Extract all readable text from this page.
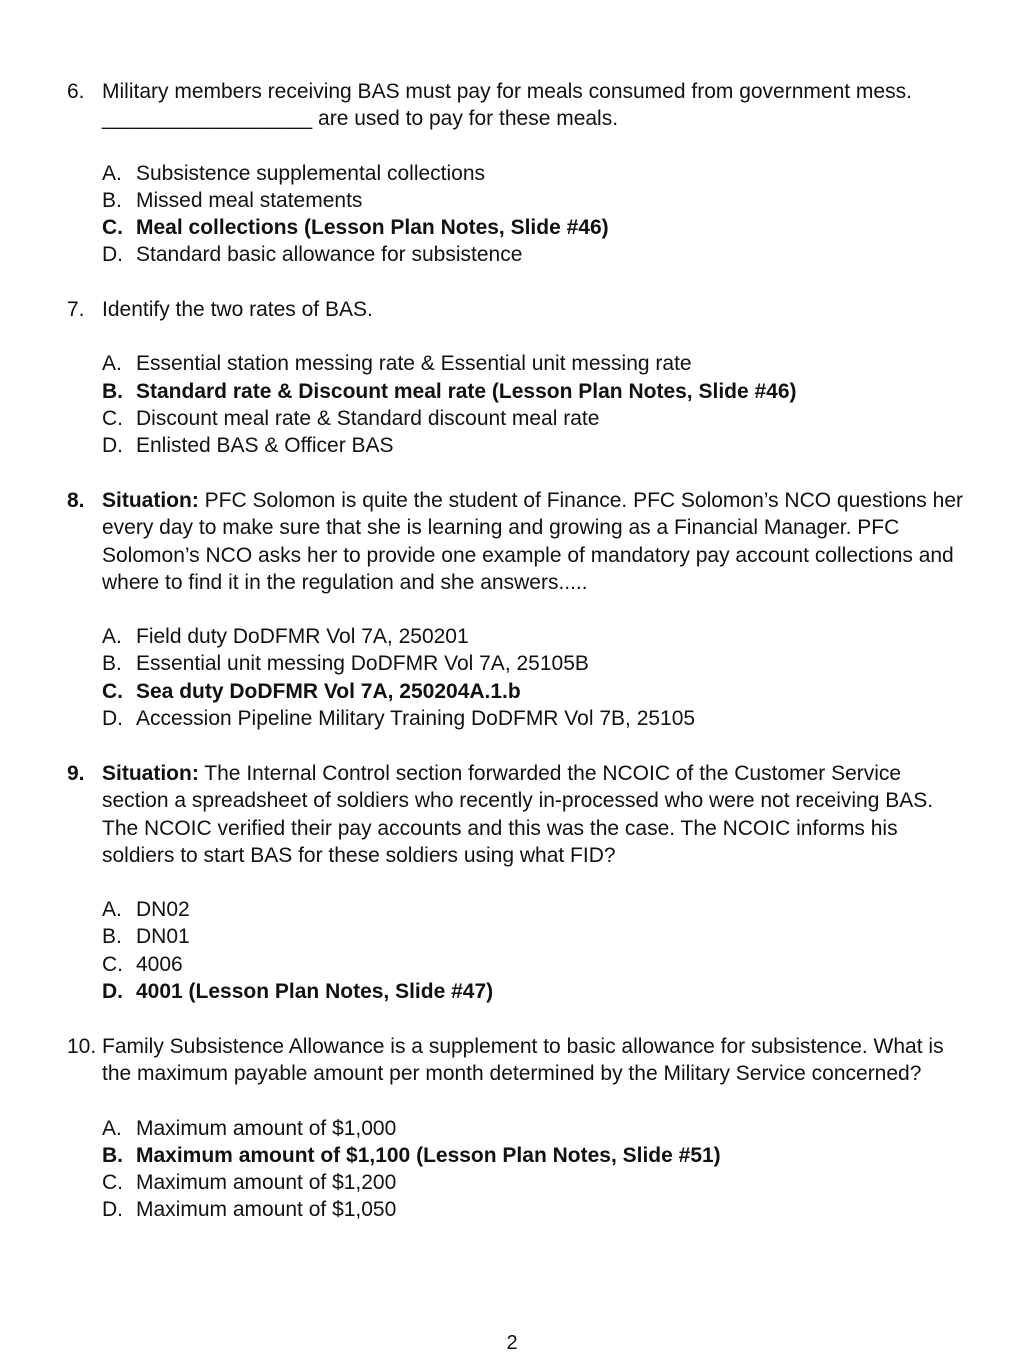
6. Military members receiving BAS must pay for meals consumed from government mess. __________________ are used to pay for these meals.
A. Subsistence supplemental collections
B. Missed meal statements
C. Meal collections (Lesson Plan Notes, Slide #46)
D. Standard basic allowance for subsistence
7. Identify the two rates of BAS.
A. Essential station messing rate & Essential unit messing rate
B. Standard rate & Discount meal rate (Lesson Plan Notes, Slide #46)
C. Discount meal rate & Standard discount meal rate
D. Enlisted BAS & Officer BAS
8. Situation: PFC Solomon is quite the student of Finance. PFC Solomon’s NCO questions her every day to make sure that she is learning and growing as a Financial Manager. PFC Solomon’s NCO asks her to provide one example of mandatory pay account collections and where to find it in the regulation and she answers.....
A. Field duty DoDFMR Vol 7A, 250201
B. Essential unit messing DoDFMR Vol 7A, 25105B
C. Sea duty DoDFMR Vol 7A, 250204A.1.b
D. Accession Pipeline Military Training DoDFMR Vol 7B, 25105
9. Situation: The Internal Control section forwarded the NCOIC of the Customer Service section a spreadsheet of soldiers who recently in-processed who were not receiving BAS. The NCOIC verified their pay accounts and this was the case. The NCOIC informs his soldiers to start BAS for these soldiers using what FID?
A. DN02
B. DN01
C. 4006
D. 4001 (Lesson Plan Notes, Slide #47)
10. Family Subsistence Allowance is a supplement to basic allowance for subsistence. What is the maximum payable amount per month determined by the Military Service concerned?
A. Maximum amount of $1,000
B. Maximum amount of $1,100 (Lesson Plan Notes, Slide #51)
C. Maximum amount of $1,200
D. Maximum amount of $1,050
2
